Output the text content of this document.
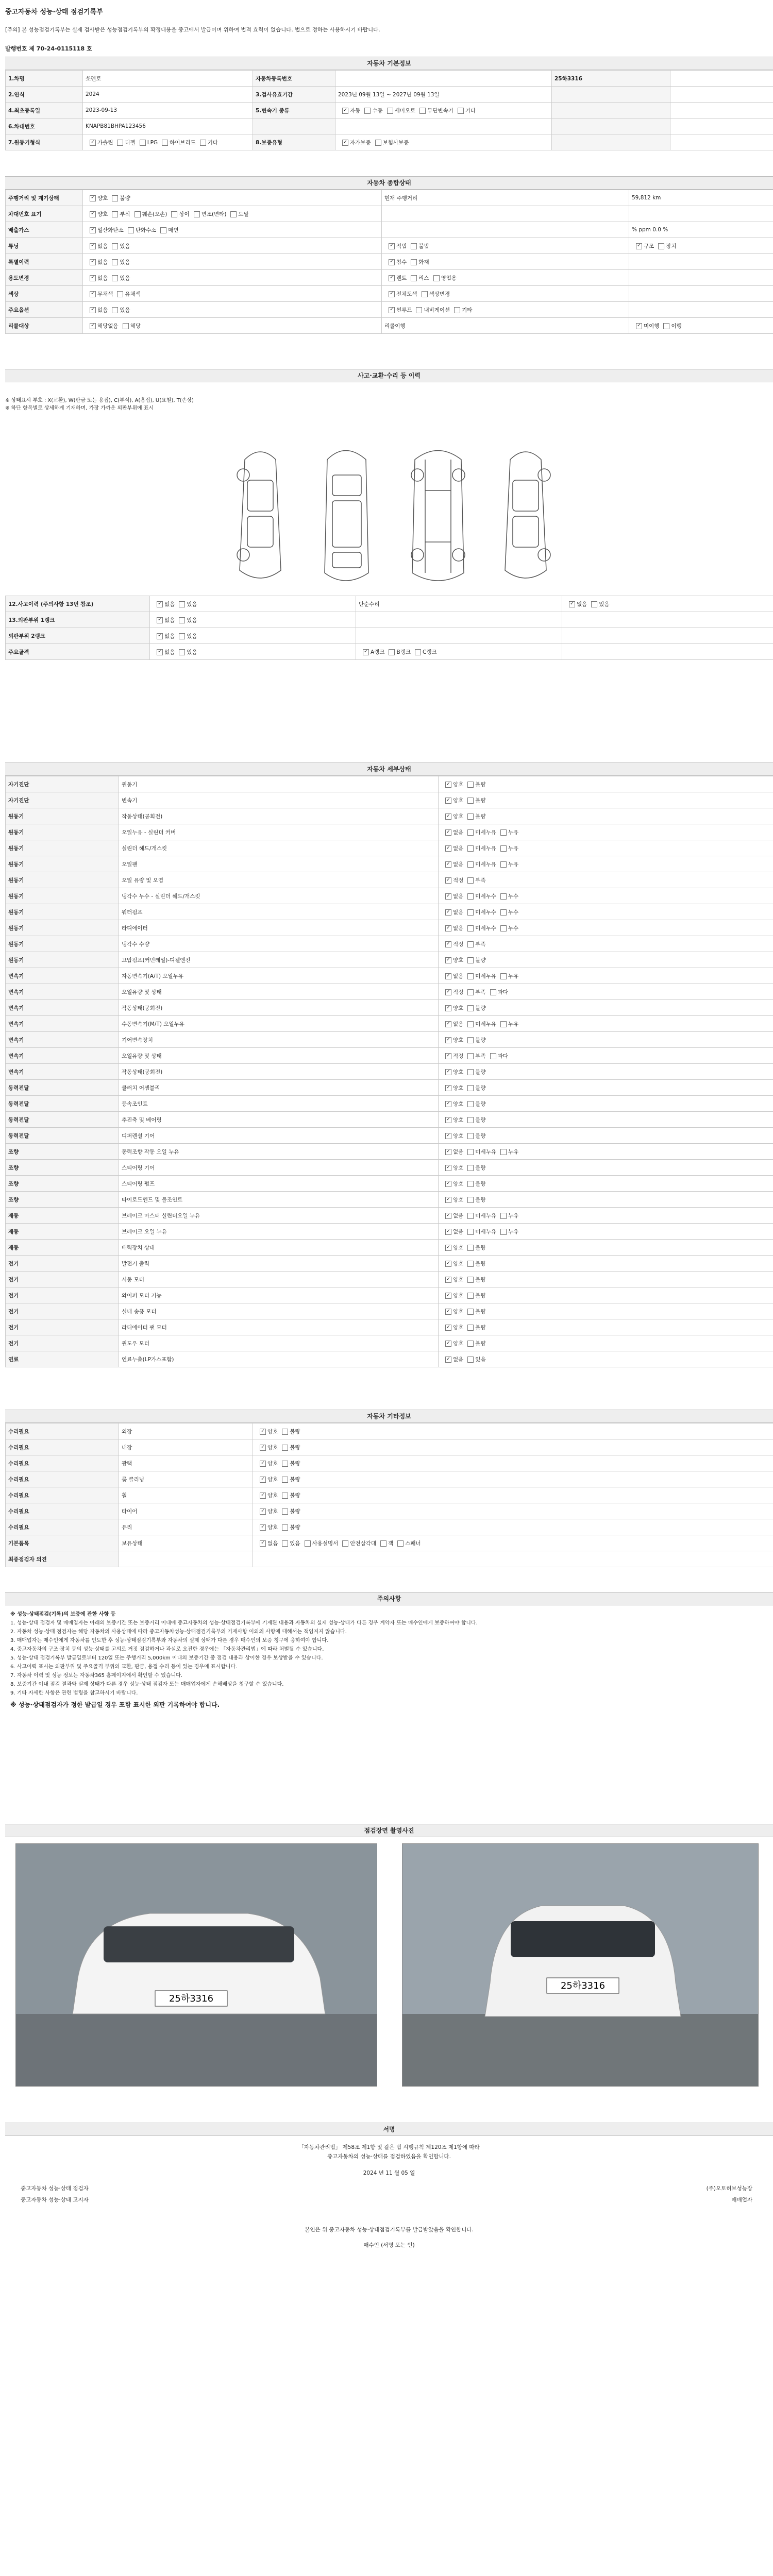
중고자동차 성능·상태 점검기록부
[주의] 본 성능점검기록부는 실제 검사받은 성능점검기록부의 확정내용을 중고에서 발급이며 위하여 법적 효력이 없습니다. 법으로 정하는 사용하시기 바랍니다.
발행번호 제 70-24-0115118 호
자동차 기본정보
1.차명	쏘렌토	자동차등록번호		25하3316	
2.연식	2024	3.검사유효기간	2023년 09월 13일 ~ 2027년 09월 13일		
4.최초등록일	2023-09-13	5.변속기 종류	✓자동 수동 세미오토 무단변속기 기타		
6.차대번호	KNAPB81BHPA123456				
7.원동기형식	✓가솔린 디젤 LPG 하이브리드 기타	8.보증유형	✓자가보증 보험사보증		
자동차 종합상태
주행거리 및 계기상태	✓양호 불량	현재 주행거리	59,812 km
차대번호 표기	✓양호 부식 훼손(오손) 상이 변조(변타) 도말		
배출가스	✓일산화탄소 탄화수소 매연		% ppm 0.0 %
튜닝	✓없음 있음	✓적법 불법	✓구조 장치
특별이력	✓없음 있음	✓침수 화재	
용도변경	✓없음 있음	✓렌트 리스 영업용	
색상	✓무채색 유채색	✓전체도색 색상변경	
주요옵션	✓없음 있음	✓썬루프 내비게이션 기타	
리콜대상	✓해당없음 해당	리콜이행	✓미이행 이행
사고·교환·수리 등 이력
※ 상태표시 부호 : X(교환), W(판금 또는 용접), C(부식), A(흠집), U(요철), T(손상)
※ 하단 항목별로 상세하게 기재하며, 가장 가까운 외판부위에 표시
12.사고이력 (주의사항 13번 참조)	✓없음 있음	단순수리	✓없음 있음
13.외판부위 1랭크	✓없음 있음		
외판부위 2랭크	✓없음 있음		
주요골격	✓없음 있음	✓A랭크 B랭크 C랭크	
자동차 세부상태
자기진단	원동기	✓양호 불량
자기진단	변속기	✓양호 불량
원동기	작동상태(공회전)	✓양호 불량
원동기	오일누유 - 실린더 커버	✓없음 미세누유 누유
원동기	실린더 헤드/개스킷	✓없음 미세누유 누유
원동기	오일팬	✓없음 미세누유 누유
원동기	오일 유량 및 오염	✓적정 부족
원동기	냉각수 누수 - 실린더 헤드/개스킷	✓없음 미세누수 누수
원동기	워터펌프	✓없음 미세누수 누수
원동기	라디에이터	✓없음 미세누수 누수
원동기	냉각수 수량	✓적정 부족
원동기	고압펌프(커먼레일)-디젤엔진	✓양호 불량
변속기	자동변속기(A/T) 오일누유	✓없음 미세누유 누유
변속기	오일유량 및 상태	✓적정 부족 과다
변속기	작동상태(공회전)	✓양호 불량
변속기	수동변속기(M/T) 오일누유	✓없음 미세누유 누유
변속기	기어변속장치	✓양호 불량
변속기	오일유량 및 상태	✓적정 부족 과다
변속기	작동상태(공회전)	✓양호 불량
동력전달	클러치 어셈블리	✓양호 불량
동력전달	등속조인트	✓양호 불량
동력전달	추진축 및 베어링	✓양호 불량
동력전달	디퍼렌셜 기어	✓양호 불량
조향	동력조향 작동 오일 누유	✓없음 미세누유 누유
조향	스티어링 기어	✓양호 불량
조향	스티어링 펌프	✓양호 불량
조향	타이로드엔드 및 볼조인트	✓양호 불량
제동	브레이크 마스터 실린더오일 누유	✓없음 미세누유 누유
제동	브레이크 오일 누유	✓없음 미세누유 누유
제동	배력장치 상태	✓양호 불량
전기	발전기 출력	✓양호 불량
전기	시동 모터	✓양호 불량
전기	와이퍼 모터 기능	✓양호 불량
전기	실내 송풍 모터	✓양호 불량
전기	라디에이터 팬 모터	✓양호 불량
전기	윈도우 모터	✓양호 불량
연료	연료누출(LP가스포함)	✓없음 있음
자동차 기타정보
수리필요	외장	✓양호 불량
수리필요	내장	✓양호 불량
수리필요	광택	✓양호 불량
수리필요	룸 클리닝	✓양호 불량
수리필요	휠	✓양호 불량
수리필요	타이어	✓양호 불량
수리필요	유리	✓양호 불량
기본품목	보유상태	✓없음 있음 사용설명서 안전삼각대 잭 스패너
최종점검자 의견		
주의사항

※ 성능·상태점검(기록)의 보증에 관한 사항 등

1. 성능·상태 점검자 및 매매업자는 아래의 보증기간 또는 보증거리 이내에 중고자동차의 성능·상태점검기록부에 기재된 내용과 자동차의 실제 성능·상태가 다른 경우 계약자 또는 매수인에게 보증하여야 합니다.

2. 자동차 성능·상태 점검자는 해당 자동차의 사용상태에 따라 중고자동차성능·상태점검기록부의 기재사항 이외의 사항에 대해서는 책임지지 않습니다.

3. 매매업자는 매수인에게 자동차를 인도한 후 성능·상태점검기록부와 자동차의 실제 상태가 다른 경우 매수인의 보증 청구에 응하여야 합니다.

4. 중고자동차의 구조·장치 등의 성능·상태를 고의로 거짓 점검하거나 과실로 오진한 경우에는 「자동차관리법」에 따라 처벌될 수 있습니다.

5. 성능·상태 점검기록부 발급일로부터 120일 또는 주행거리 5,000km 이내의 보증기간 중 점검 내용과 상이한 경우 보상받을 수 있습니다.

6. 사고이력 표시는 외판부위 및 주요골격 부위의 교환, 판금, 용접 수리 등이 있는 경우에 표시합니다.

7. 자동차 이력 및 성능 정보는 자동차365 홈페이지에서 확인할 수 있습니다.

8. 보증기간 이내 점검 결과와 실제 상태가 다른 경우 성능·상태 점검자 또는 매매업자에게 손해배상을 청구할 수 있습니다.

9. 기타 자세한 사항은 관련 법령을 참고하시기 바랍니다.

※ 성능·상태점검자가 정한 발급일 경우 포함 표시한 외판 기록하여야 합니다.

점검장면 촬영사진
25하3316
25하3316
서명
「자동차관리법」 제58조 제1항 및 같은 법 시행규칙 제120조 제1항에 따라
중고자동차의 성능·상태를 점검하였음을 확인합니다.
2024 년 11 월 05 일
중고자동차 성능·상태 점검자	(주)오토허브성능장
중고자동차 성능·상태 고지자	매매업자
본인은 위 중고자동차 성능·상태점검기록부를 발급받았음을 확인합니다.
매수인 (서명 또는 인)
